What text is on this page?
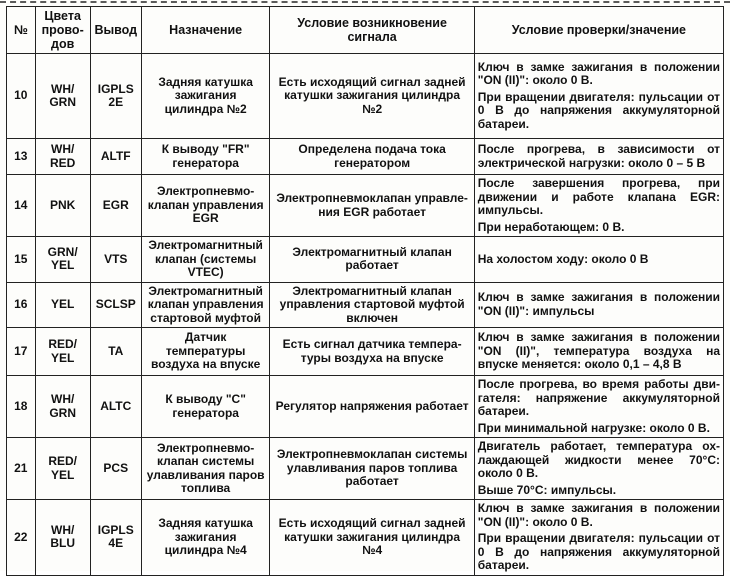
№	Цвета прово-дов	Вывод	Назначение	Условие возникновение сигнала	Условие проверки/значение
10	WH/ GRN	IGPLS 2E	Задняя катушка зажигания цилиндра №2	Есть исходящий сигнал задней катушки зажигания цилиндра №2	Ключ в замке зажигания в положении "ON (II)": около 0 В.

При вращении двигателя: пульсации от 0 В до напряжения аккумуляторной батареи.

13	WH/ RED	ALTF	К выводу "FR" генератора	Определена подача тока генератором	После прогрева, в зависимости от электрической нагрузки: около 0 – 5 В

14	PNK	EGR	Электропневмо-клапан управления EGR	Электропневмоклапан управле-ния EGR работает	После завершения прогрева, при движении и работе клапана EGR: импульсы.

При неработающем: 0 В.

15	GRN/ YEL	VTS	Электромагнитный клапан (системы VTEC)	Электромагнитный клапан работает	На холостом ходу: около 0 В

16	YEL	SCLSP	Электромагнитный клапан управления стартовой муфтой	Электромагнитный клапан управления стартовой муфтой включен	Ключ в замке зажигания в положении "ON (II)": импульсы

17	RED/ YEL	TA	Датчик температуры воздуха на впуске	Есть сигнал датчика темпера-туры воздуха на впуске	Ключ в замке зажигания в положении "ON (II)", температура воздуха на впуске меняется: около 0,1 – 4,8 В

18	WH/ GRN	ALTC	К выводу "C" генератора	Регулятор напряжения работает	После прогрева, во время работы дви-гателя: напряжение аккумуляторной батареи.

При минимальной нагрузке: около 0 В.

21	RED/ YEL	PCS	Электропневмо-клапан системы улавливания паров топлива	Электропневмоклапан системы улавливания паров топлива работает	Двигатель работает, температура ох-лаждающей жидкости менее 70°C: около 0 В.

Выше 70°C: импульсы.

22	WH/ BLU	IGPLS 4E	Задняя катушка зажигания цилиндра №4	Есть исходящий сигнал задней катушки зажигания цилиндра №4	Ключ в замке зажигания в положении "ON (II)": около 0 В.

При вращении двигателя: пульсации от 0 В до напряжения аккумуляторной батареи.
